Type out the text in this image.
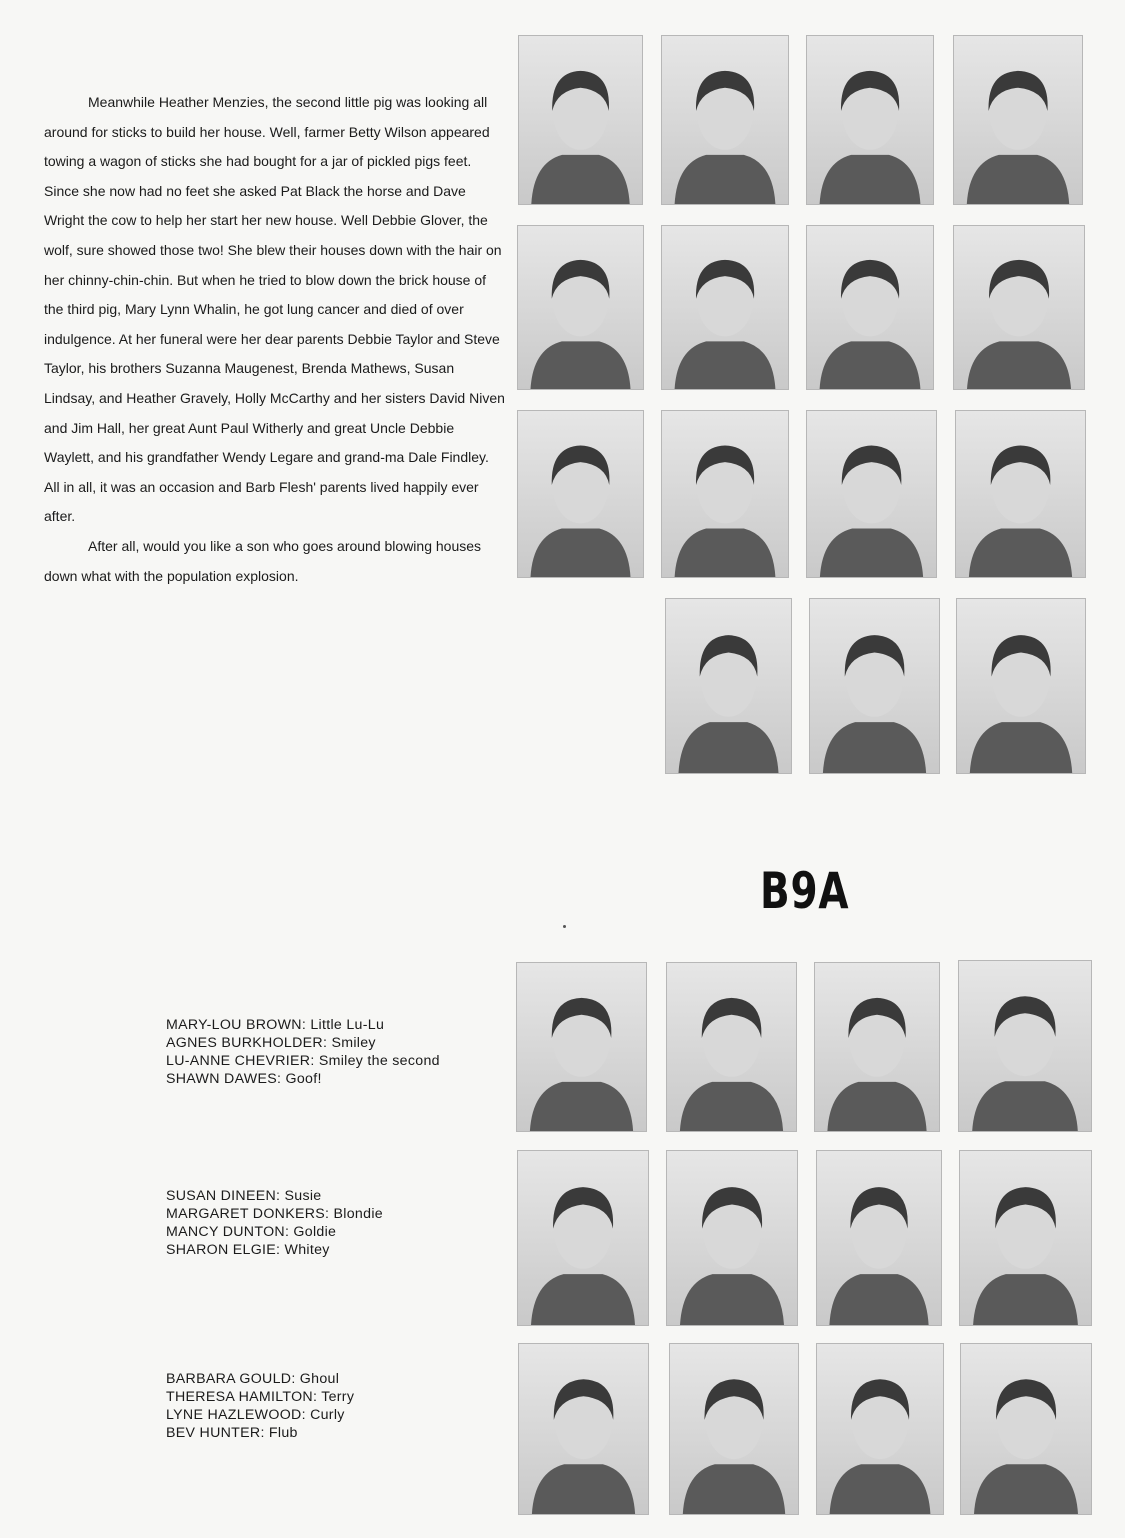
Meanwhile Heather Menzies, the second little pig was looking all around for sticks to build her house. Well, farmer Betty Wilson appeared towing a wagon of sticks she had bought for a jar of pickled pigs feet. Since she now had no feet she asked Pat Black the horse and Dave Wright the cow to help her start her new house. Well Debbie Glover, the wolf, sure showed those two! She blew their houses down with the hair on her chinny-chin-chin. But when he tried to blow down the brick house of the third pig, Mary Lynn Whalin, he got lung cancer and died of over indulgence. At her funeral were her dear parents Debbie Taylor and Steve Taylor, his brothers Suzanna Maugenest, Brenda Mathews, Susan Lindsay, and Heather Gravely, Holly McCarthy and her sisters David Niven and Jim Hall, her great Aunt Paul Witherly and great Uncle Debbie Waylett, and his grandfather Wendy Legare and grand-ma Dale Findley. All in all, it was an occasion and Barb Flesh' parents lived happily ever after.

After all, would you like a son who goes around blowing houses down what with the population explosion.

B9A
MARY-LOU BROWN: Little Lu-Lu
AGNES BURKHOLDER: Smiley
LU-ANNE CHEVRIER: Smiley the second
SHAWN DAWES: Goof!
SUSAN DINEEN: Susie
MARGARET DONKERS: Blondie
MANCY DUNTON: Goldie
SHARON ELGIE: Whitey
BARBARA GOULD: Ghoul
THERESA HAMILTON: Terry
LYNE HAZLEWOOD: Curly
BEV HUNTER: Flub
